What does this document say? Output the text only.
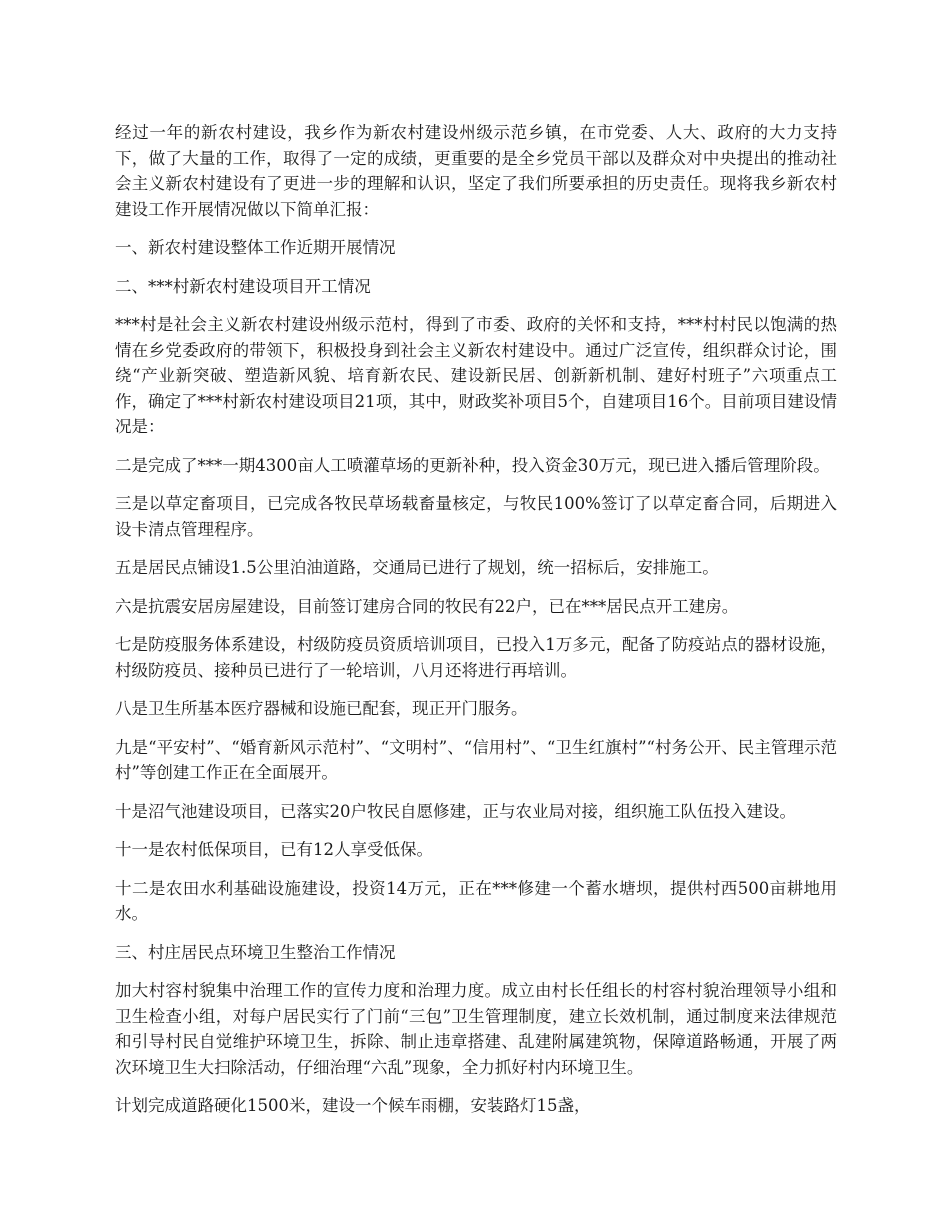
经过一年的新农村建设，我乡作为新农村建设州级示范乡镇，在市党委、人大、政府的大力支持下，做了大量的工作，取得了一定的成绩，更重要的是全乡党员干部以及群众对中央提出的推动社会主义新农村建设有了更进一步的理解和认识，坚定了我们所要承担的历史责任。现将我乡新农村建设工作开展情况做以下简单汇报：

一、新农村建设整体工作近期开展情况

二、***村新农村建设项目开工情况

***村是社会主义新农村建设州级示范村，得到了市委、政府的关怀和支持，***村村民以饱满的热情在乡党委政府的带领下，积极投身到社会主义新农村建设中。通过广泛宣传，组织群众讨论，围绕“产业新突破、塑造新风貌、培育新农民、建设新民居、创新新机制、建好村班子”六项重点工作，确定了***村新农村建设项目21项，其中，财政奖补项目5个，自建项目16个。目前项目建设情况是：

二是完成了***一期4300亩人工喷灌草场的更新补种，投入资金30万元，现已进入播后管理阶段。

三是以草定畜项目，已完成各牧民草场载畜量核定，与牧民100%签订了以草定畜合同，后期进入设卡清点管理程序。

五是居民点铺设1.5公里泊油道路，交通局已进行了规划，统一招标后，安排施工。

六是抗震安居房屋建设，目前签订建房合同的牧民有22户，已在***居民点开工建房。

七是防疫服务体系建设，村级防疫员资质培训项目，已投入1万多元，配备了防疫站点的器材设施，村级防疫员、接种员已进行了一轮培训，八月还将进行再培训。

八是卫生所基本医疗器械和设施已配套，现正开门服务。

九是“平安村”、“婚育新风示范村”、“文明村”、“信用村”、“卫生红旗村”“村务公开、民主管理示范村”等创建工作正在全面展开。

十是沼气池建设项目，已落实20户牧民自愿修建，正与农业局对接，组织施工队伍投入建设。

十一是农村低保项目，已有12人享受低保。

十二是农田水利基础设施建设，投资14万元，正在***修建一个蓄水塘坝，提供村西500亩耕地用水。

三、村庄居民点环境卫生整治工作情况

加大村容村貌集中治理工作的宣传力度和治理力度。成立由村长任组长的村容村貌治理领导小组和卫生检查小组，对每户居民实行了门前“三包”卫生管理制度，建立长效机制，通过制度来法律规范和引导村民自觉维护环境卫生，拆除、制止违章搭建、乱建附属建筑物，保障道路畅通，开展了两次环境卫生大扫除活动，仔细治理“六乱”现象，全力抓好村内环境卫生。

计划完成道路硬化1500米，建设一个候车雨棚，安装路灯15盏，
